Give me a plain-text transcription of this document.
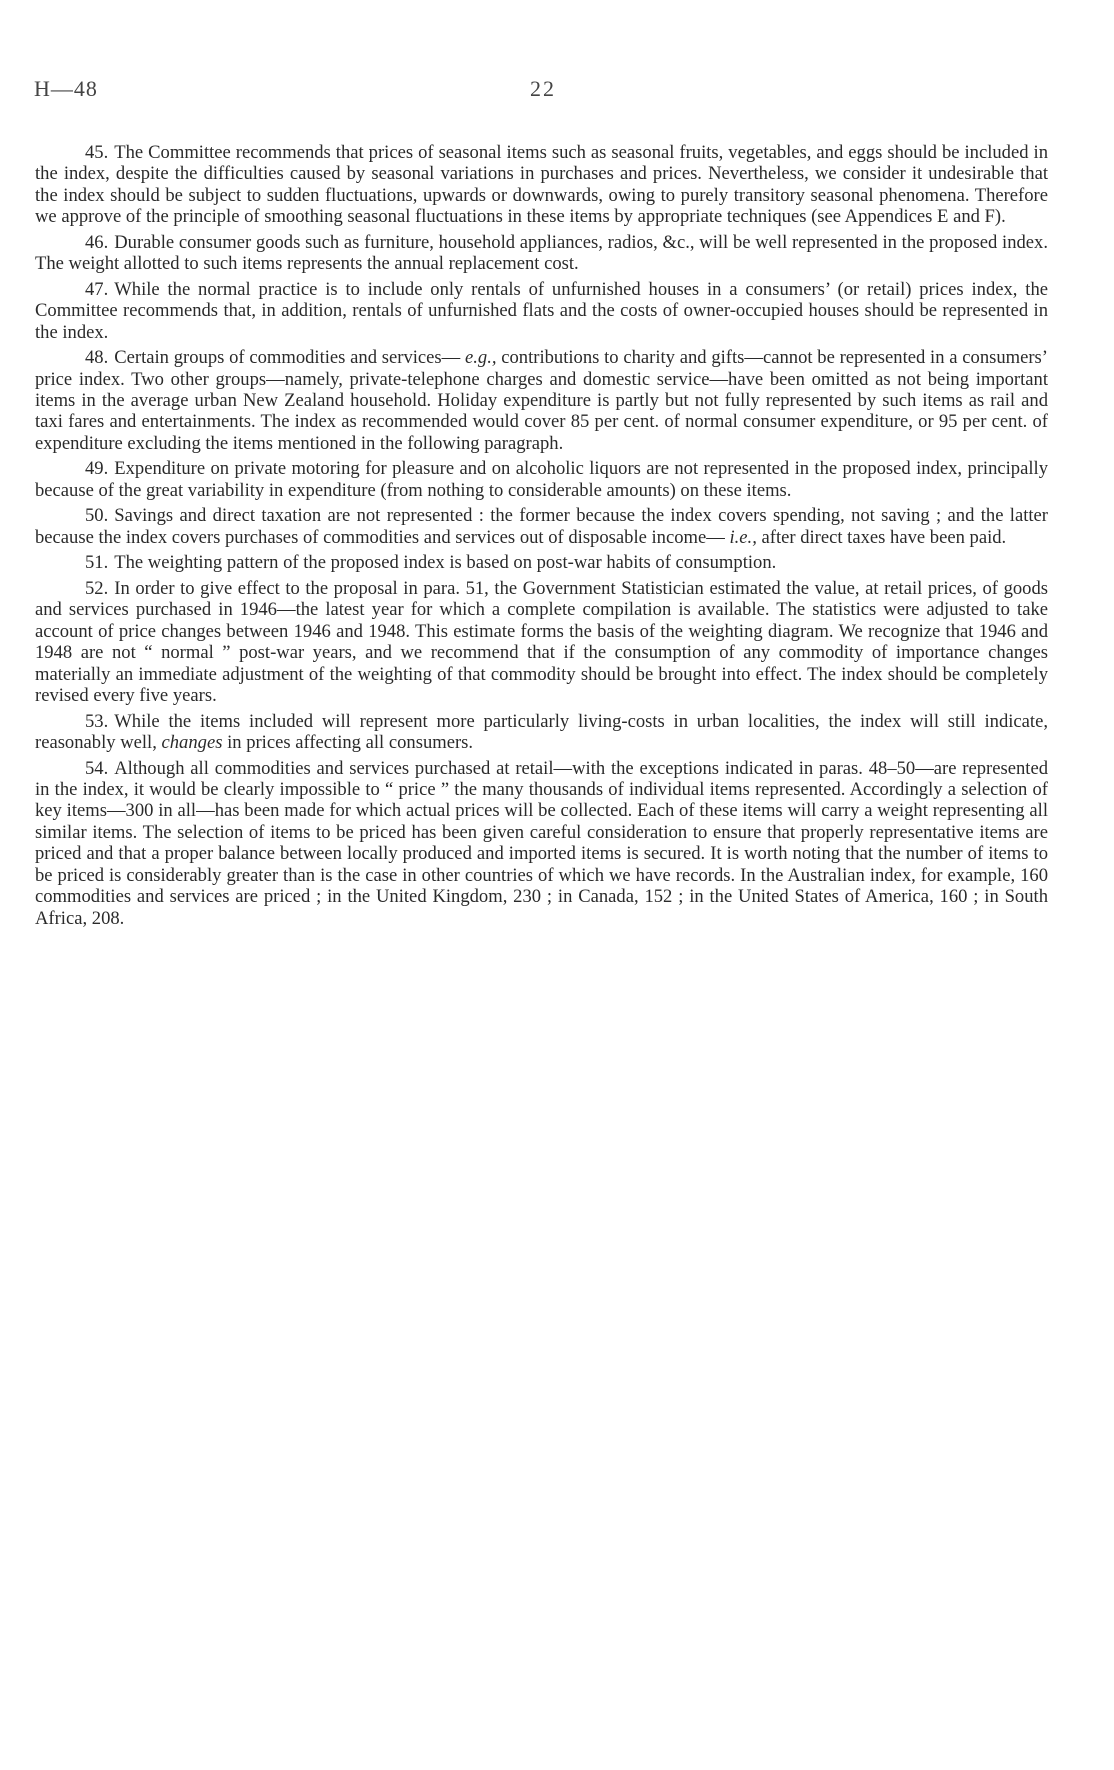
H—48	22

45. The Committee recommends that prices of seasonal items such as seasonal fruits, vegetables, and eggs should be included in the index, despite the difficulties caused by seasonal variations in purchases and prices. Nevertheless, we consider it undesirable that the index should be subject to sudden fluctuations, upwards or downwards, owing to purely transitory seasonal phenomena. Therefore we approve of the principle of smoothing seasonal fluctuations in these items by appropriate techniques (see Appendices E and F).

46. Durable consumer goods such as furniture, household appliances, radios, &c., will be well represented in the proposed index. The weight allotted to such items represents the annual replacement cost.

47. While the normal practice is to include only rentals of unfurnished houses in a consumers’ (or retail) prices index, the Committee recommends that, in addition, rentals of unfurnished flats and the costs of owner-occupied houses should be represented in the index.

48. Certain groups of commodities and services— e.g., contributions to charity and gifts—cannot be represented in a consumers’ price index. Two other groups—namely, private-telephone charges and domestic service—have been omitted as not being important items in the average urban New Zealand household. Holiday expenditure is partly but not fully represented by such items as rail and taxi fares and entertainments. The index as recommended would cover 85 per cent. of normal consumer expenditure, or 95 per cent. of expenditure excluding the items mentioned in the following paragraph.

49. Expenditure on private motoring for pleasure and on alcoholic liquors are not represented in the proposed index, principally because of the great variability in expenditure (from nothing to considerable amounts) on these items.

50. Savings and direct taxation are not represented : the former because the index covers spending, not saving ; and the latter because the index covers purchases of commodities and services out of disposable income— i.e., after direct taxes have been paid.

51. The weighting pattern of the proposed index is based on post-war habits of consumption.

52. In order to give effect to the proposal in para. 51, the Government Statistician estimated the value, at retail prices, of goods and services purchased in 1946—the latest year for which a complete compilation is available. The statistics were adjusted to take account of price changes between 1946 and 1948. This estimate forms the basis of the weighting diagram. We recognize that 1946 and 1948 are not “ normal ” post-war years, and we recommend that if the consumption of any commodity of importance changes materially an immediate adjustment of the weighting of that commodity should be brought into effect. The index should be completely revised every five years.

53. While the items included will represent more particularly living-costs in urban localities, the index will still indicate, reasonably well, changes in prices affecting all consumers.

54. Although all commodities and services purchased at retail—with the exceptions indicated in paras. 48–50—are represented in the index, it would be clearly impossible to “ price ” the many thousands of individual items represented. Accordingly a selection of key items—300 in all—has been made for which actual prices will be collected. Each of these items will carry a weight representing all similar items. The selection of items to be priced has been given careful consideration to ensure that properly representative items are priced and that a proper balance between locally produced and imported items is secured. It is worth noting that the number of items to be priced is considerably greater than is the case in other countries of which we have records. In the Australian index, for example, 160 commodities and services are priced ; in the United Kingdom, 230 ; in Canada, 152 ; in the United States of America, 160 ; in South Africa, 208.
